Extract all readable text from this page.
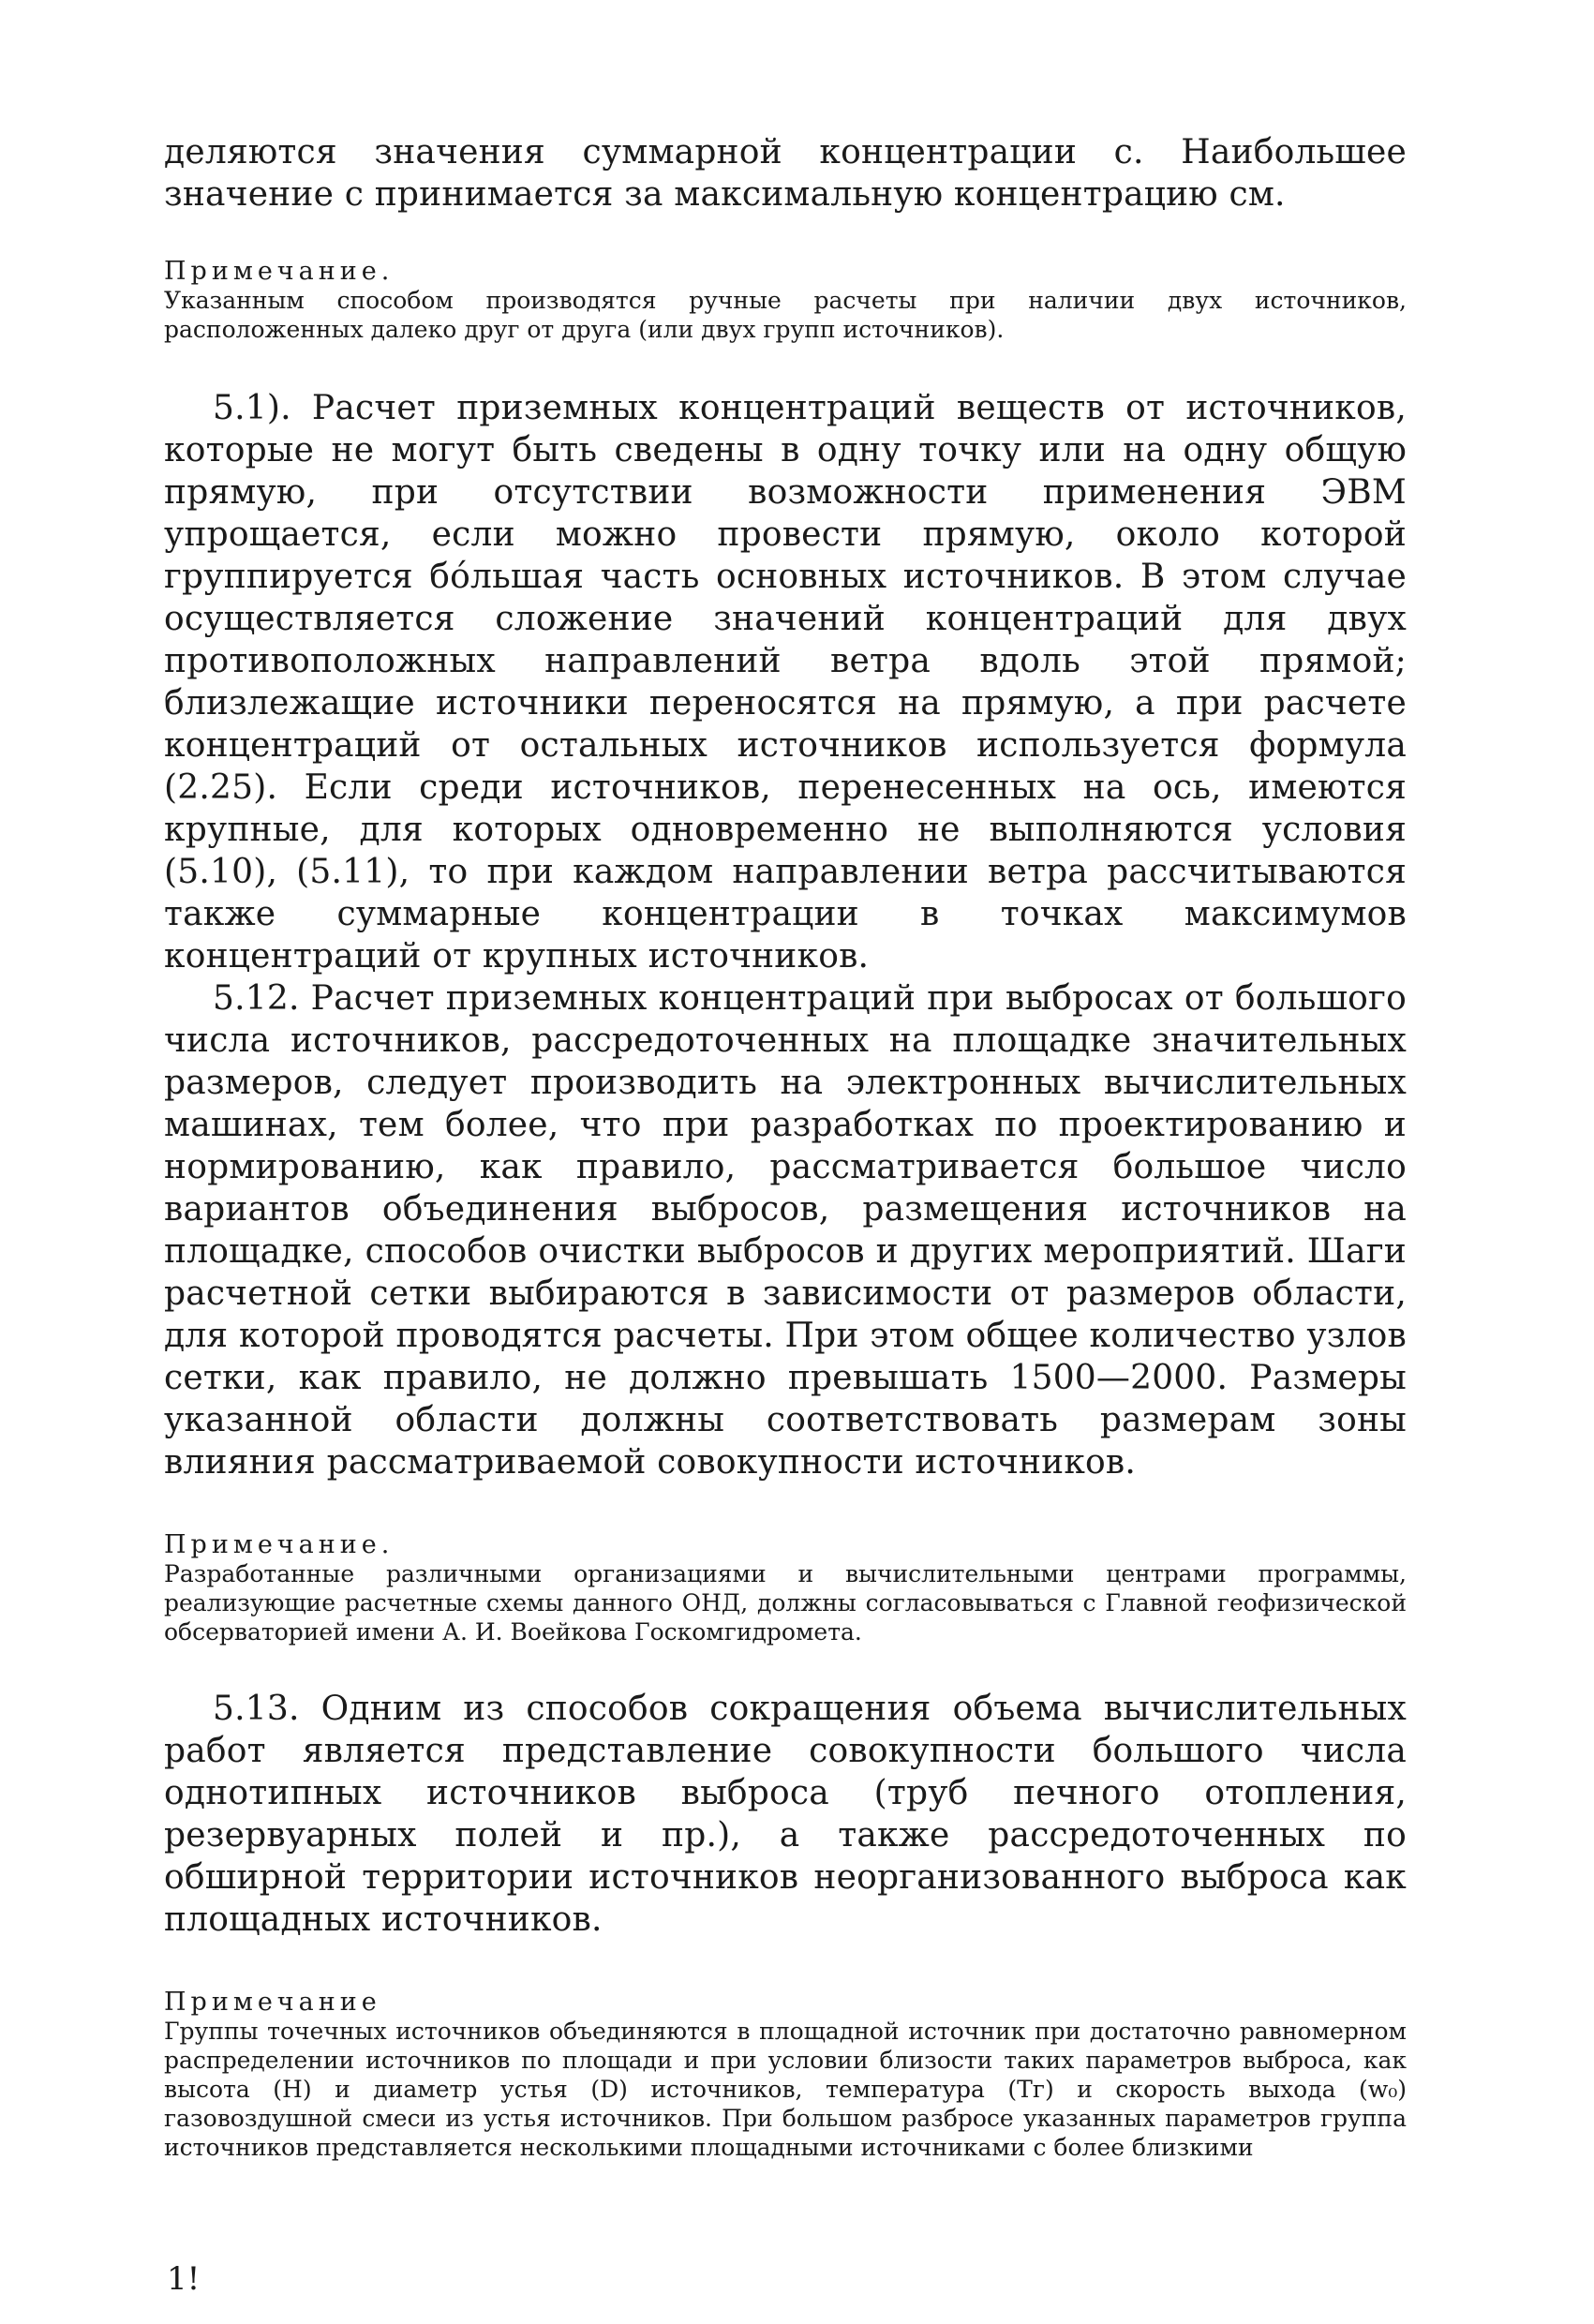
деляются значения суммарной концентрации c. Наибольшее значение c принимается за максимальную концентрацию cм.

Примечание.

Указанным способом производятся ручные расчеты при наличии двух источников, расположенных далеко друг от друга (или двух групп источников).

5.1). Расчет приземных концентраций веществ от источников, которые не могут быть сведены в одну точку или на одну общую прямую, при отсутствии возможности применения ЭВМ упрощается, если можно провести прямую, около которой группируется бо́льшая часть основных источников. В этом случае осуществляется сложение значений концентраций для двух противоположных направлений ветра вдоль этой прямой; близлежащие источники переносятся на прямую, а при расчете концентраций от остальных источников используется формула (2.25). Если среди источников, перенесенных на ось, имеются крупные, для которых одновременно не выполняются условия (5.10), (5.11), то при каждом направлении ветра рассчитываются также суммарные концентрации в точках максимумов концентраций от крупных источников.

5.12. Расчет приземных концентраций при выбросах от большого числа источников, рассредоточенных на площадке значительных размеров, следует производить на электронных вычислительных машинах, тем более, что при разработках по проектированию и нормированию, как правило, рассматривается большое число вариантов объединения выбросов, размещения источников на площадке, способов очистки выбросов и других мероприятий. Шаги расчетной сетки выбираются в зависимости от размеров области, для которой проводятся расчеты. При этом общее количество узлов сетки, как правило, не должно превышать 1500—2000. Размеры указанной области должны соответствовать размерам зоны влияния рассматриваемой совокупности источников.

Примечание.

Разработанные различными организациями и вычислительными центрами программы, реализующие расчетные схемы данного ОНД, должны согласовываться с Главной геофизической обсерваторией имени А. И. Воейкова Госкомгидромета.

5.13. Одним из способов сокращения объема вычислительных работ является представление совокупности большого числа однотипных источников выброса (труб печного отопления, резервуарных полей и пр.), а также рассредоточенных по обширной территории источников неорганизованного выброса как площадных источников.

Примечание

Группы точечных источников объединяются в площадной источник при достаточно равномерном распределении источников по площади и при условии близости таких параметров выброса, как высота (H) и диаметр устья (D) источников, температура (Tг) и скорость выхода (w₀) газовоздушной смеси из устья источников. При большом разбросе указанных параметров группа источников представляется несколькими площадными источниками с более близкими

1!
